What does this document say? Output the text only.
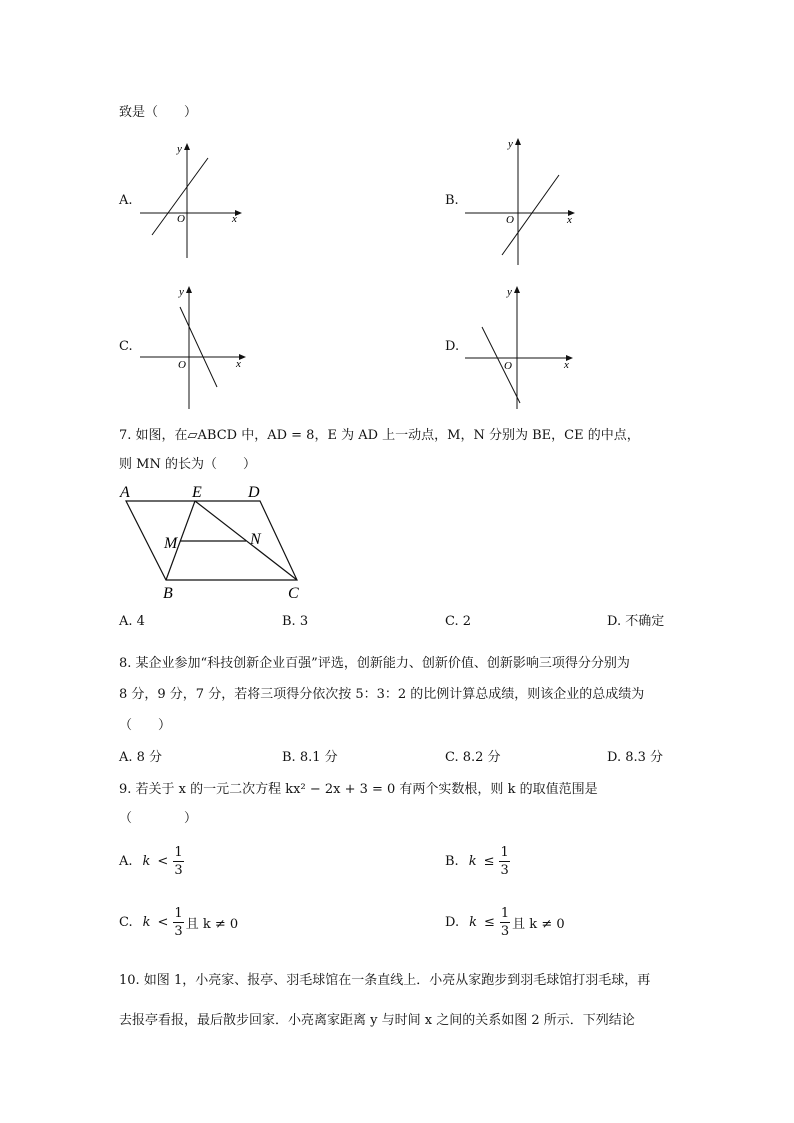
致是（　　）
A.
x
y
O
B.
x
y
O
C.
x
y
O
D.
x
y
O
7. 如图，在▱ABCD 中，AD = 8，E 为 AD 上一动点，M，N 分别为 BE，CE 的中点，
则 MN 的长为（　　）
A	E	D
M	N
B	C
A. 4	B. 3	C. 2	D. 不确定
8. 某企业参加“科技创新企业百强”评选，创新能力、创新价值、创新影响三项得分分别为
8 分，9 分，7 分，若将三项得分依次按 5：3：2 的比例计算总成绩，则该企业的总成绩为
（　　）
A. 8 分	B. 8.1 分	C. 8.2 分	D. 8.3 分
9. 若关于 x 的一元二次方程 kx² − 2x + 3 = 0 有两个实数根，则 k 的取值范围是
（　　　　）
A. $k < \frac{1}{3}$	B. $k \le \frac{1}{3}$
C. $k < \frac{1}{3}$ 且 k ≠ 0	D. $k \le \frac{1}{3}$ 且 k ≠ 0
10. 如图 1，小亮家、报亭、羽毛球馆在一条直线上．小亮从家跑步到羽毛球馆打羽毛球，再
去报亭看报，最后散步回家．小亮离家距离 y 与时间 x 之间的关系如图 2 所示．下列结论
